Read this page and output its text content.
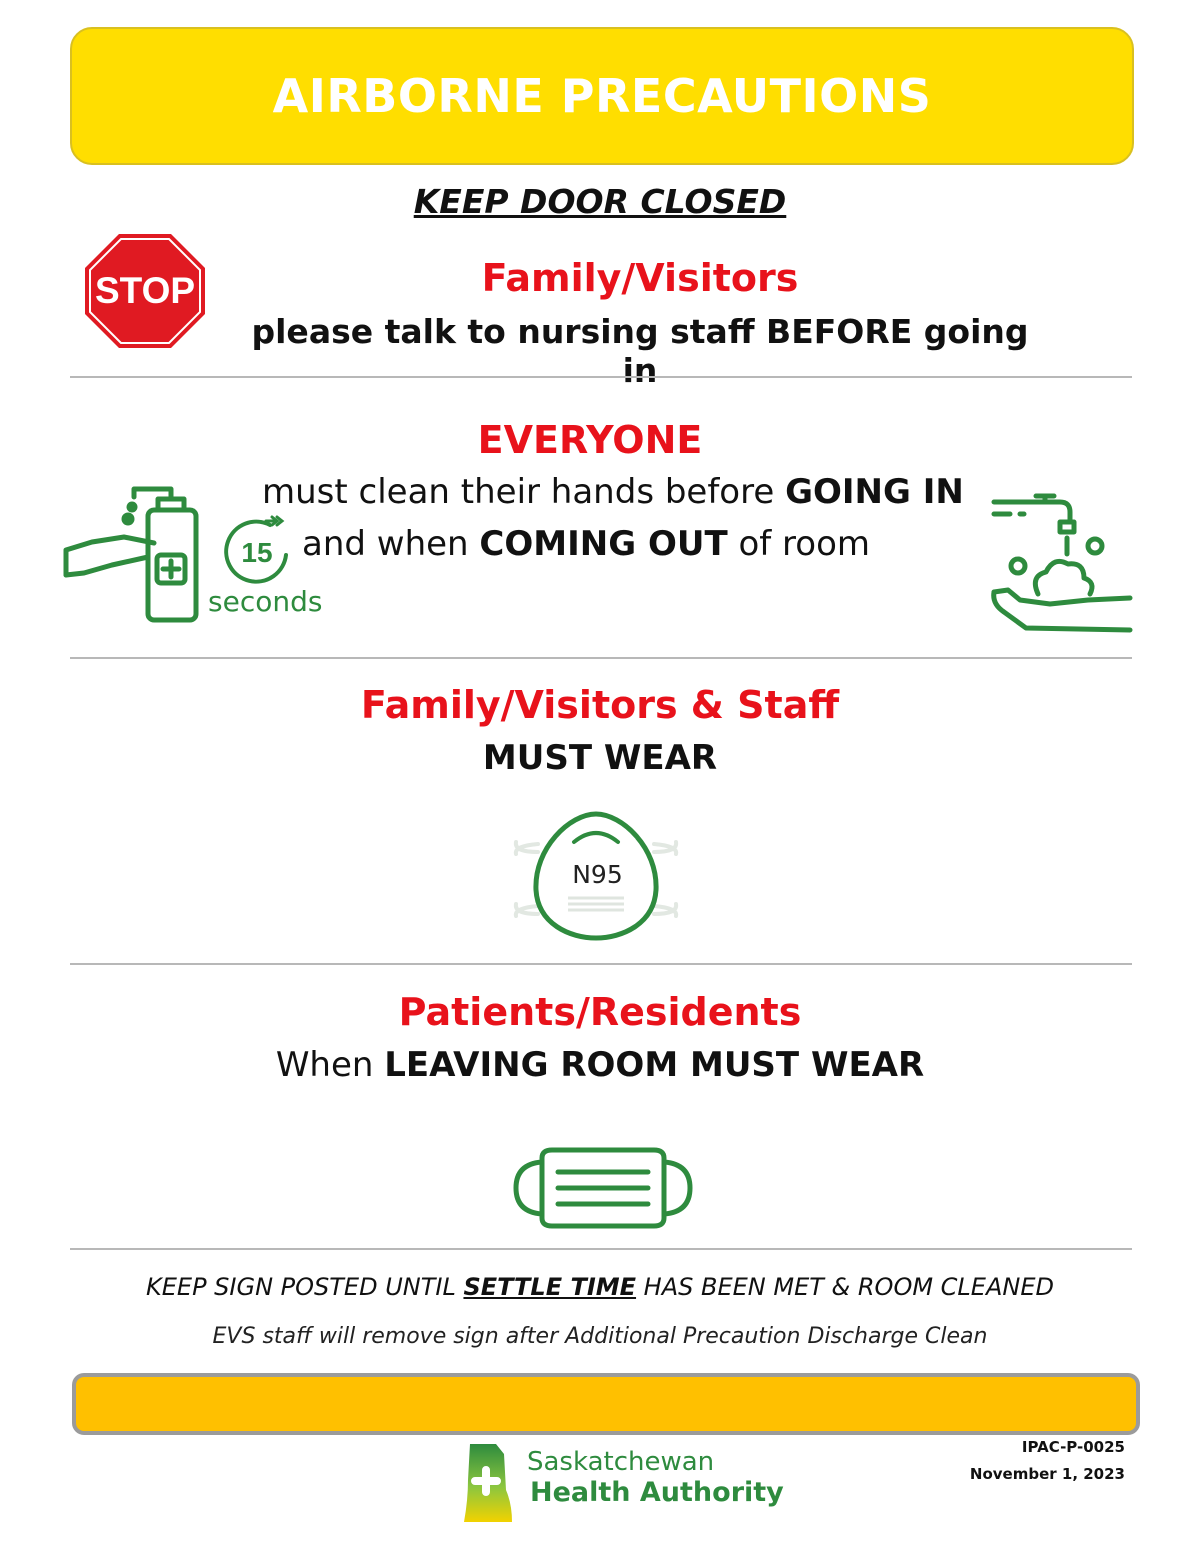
AIRBORNE PRECAUTIONS
KEEP DOOR CLOSED
STOP	Family/Visitors
please talk to nursing staff BEFORE going in
EVERYONE
must clean their hands before GOING IN
and when COMING OUT of room
15
seconds
Family/Visitors & Staff
MUST WEAR
N95
Patients/Residents
When LEAVING ROOM MUST WEAR
KEEP SIGN POSTED UNTIL SETTLE TIME HAS BEEN MET & ROOM CLEANED
EVS staff will remove sign after Additional Precaution Discharge Clean
Saskatchewan
Health Authority
IPAC-P-0025
November 1, 2023
